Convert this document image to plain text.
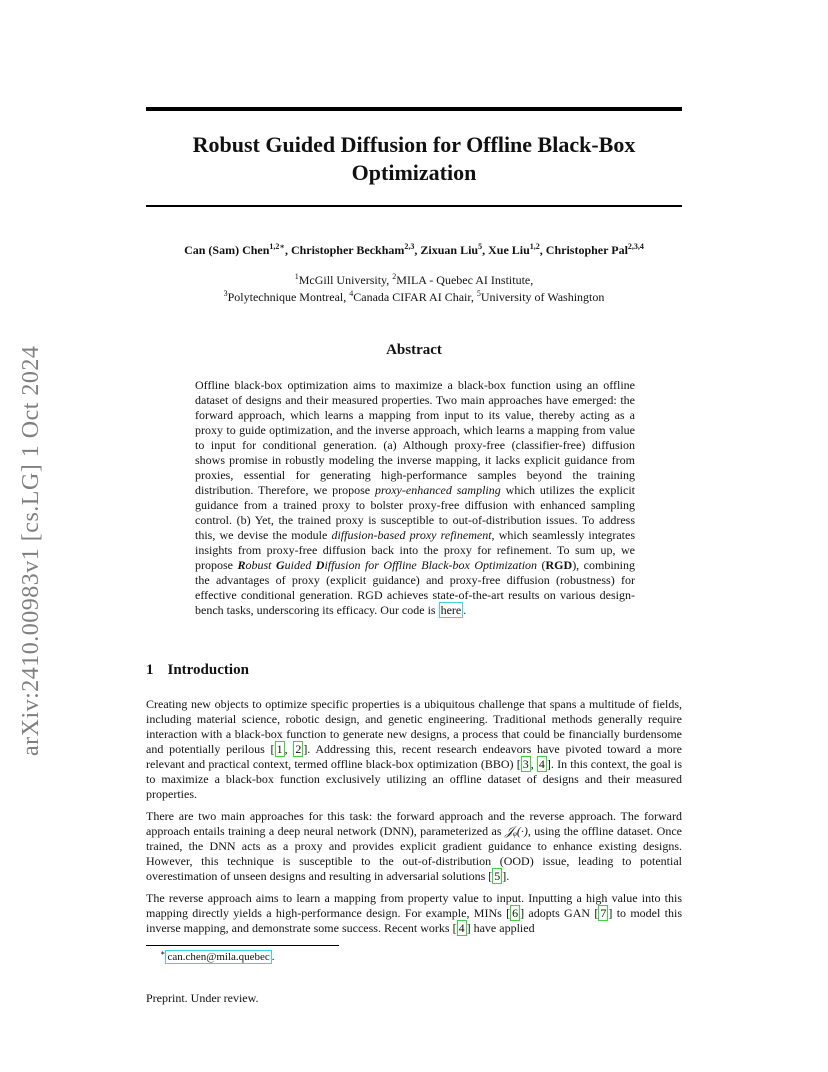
arXiv:2410.00983v1 [cs.LG] 1 Oct 2024
Robust Guided Diffusion for Offline Black-Box
Optimization
Can (Sam) Chen$^{1,2∗}$, Christopher Beckham$^{2,3}$, Zixuan Liu$^5$, Xue Liu$^{1,2}$, Christopher Pal$^{2,3,4}$
$^1$McGill University, $^2$MILA - Quebec AI Institute,
$^3$Polytechnique Montreal, $^4$Canada CIFAR AI Chair, $^5$University of Washington
Abstract
Offline black-box optimization aims to maximize a black-box function using an offline dataset of designs and their measured properties. Two main approaches have emerged: the forward approach, which learns a mapping from input to its value, thereby acting as a proxy to guide optimization, and the inverse approach, which learns a mapping from value to input for conditional generation. (a) Although proxy-free (classifier-free) diffusion shows promise in robustly modeling the inverse mapping, it lacks explicit guidance from proxies, essential for generating high-performance samples beyond the training distribution. Therefore, we propose proxy-enhanced sampling which utilizes the explicit guidance from a trained proxy to bolster proxy-free diffusion with enhanced sampling control. (b) Yet, the trained proxy is susceptible to out-of-distribution issues. To address this, we devise the module diffusion-based proxy refinement, which seamlessly integrates insights from proxy-free diffusion back into the proxy for refinement. To sum up, we propose Robust Guided Diffusion for Offline Black-box Optimization (RGD), combining the advantages of proxy (explicit guidance) and proxy-free diffusion (robustness) for effective conditional generation. RGD achieves state-of-the-art results on various design-bench tasks, underscoring its efficacy. Our code is here .
1 Introduction

Creating new objects to optimize specific properties is a ubiquitous challenge that spans a multitude of fields, including material science, robotic design, and genetic engineering. Traditional methods generally require interaction with a black-box function to generate new designs, a process that could be financially burdensome and potentially perilous [ 1 , 2 ]. Addressing this, recent research endeavors have pivoted toward a more relevant and practical context, termed offline black-box optimization (BBO) [ 3 , 4 ]. In this context, the goal is to maximize a black-box function exclusively utilizing an offline dataset of designs and their measured properties.

There are two main approaches for this task: the forward approach and the reverse approach. The forward approach entails training a deep neural network (DNN), parameterized as 𝒥ᵩ(·), using the offline dataset. Once trained, the DNN acts as a proxy and provides explicit gradient guidance to enhance existing designs. However, this technique is susceptible to the out-of-distribution (OOD) issue, leading to potential overestimation of unseen designs and resulting in adversarial solutions [ 5 ].

The reverse approach aims to learn a mapping from property value to input. Inputting a high value into this mapping directly yields a high-performance design. For example, MINs [ 6 ] adopts GAN [ 7 ] to model this inverse mapping, and demonstrate some success. Recent works [ 4 ] have applied

∗ can.chen@mila.quebec .
Preprint. Under review.
